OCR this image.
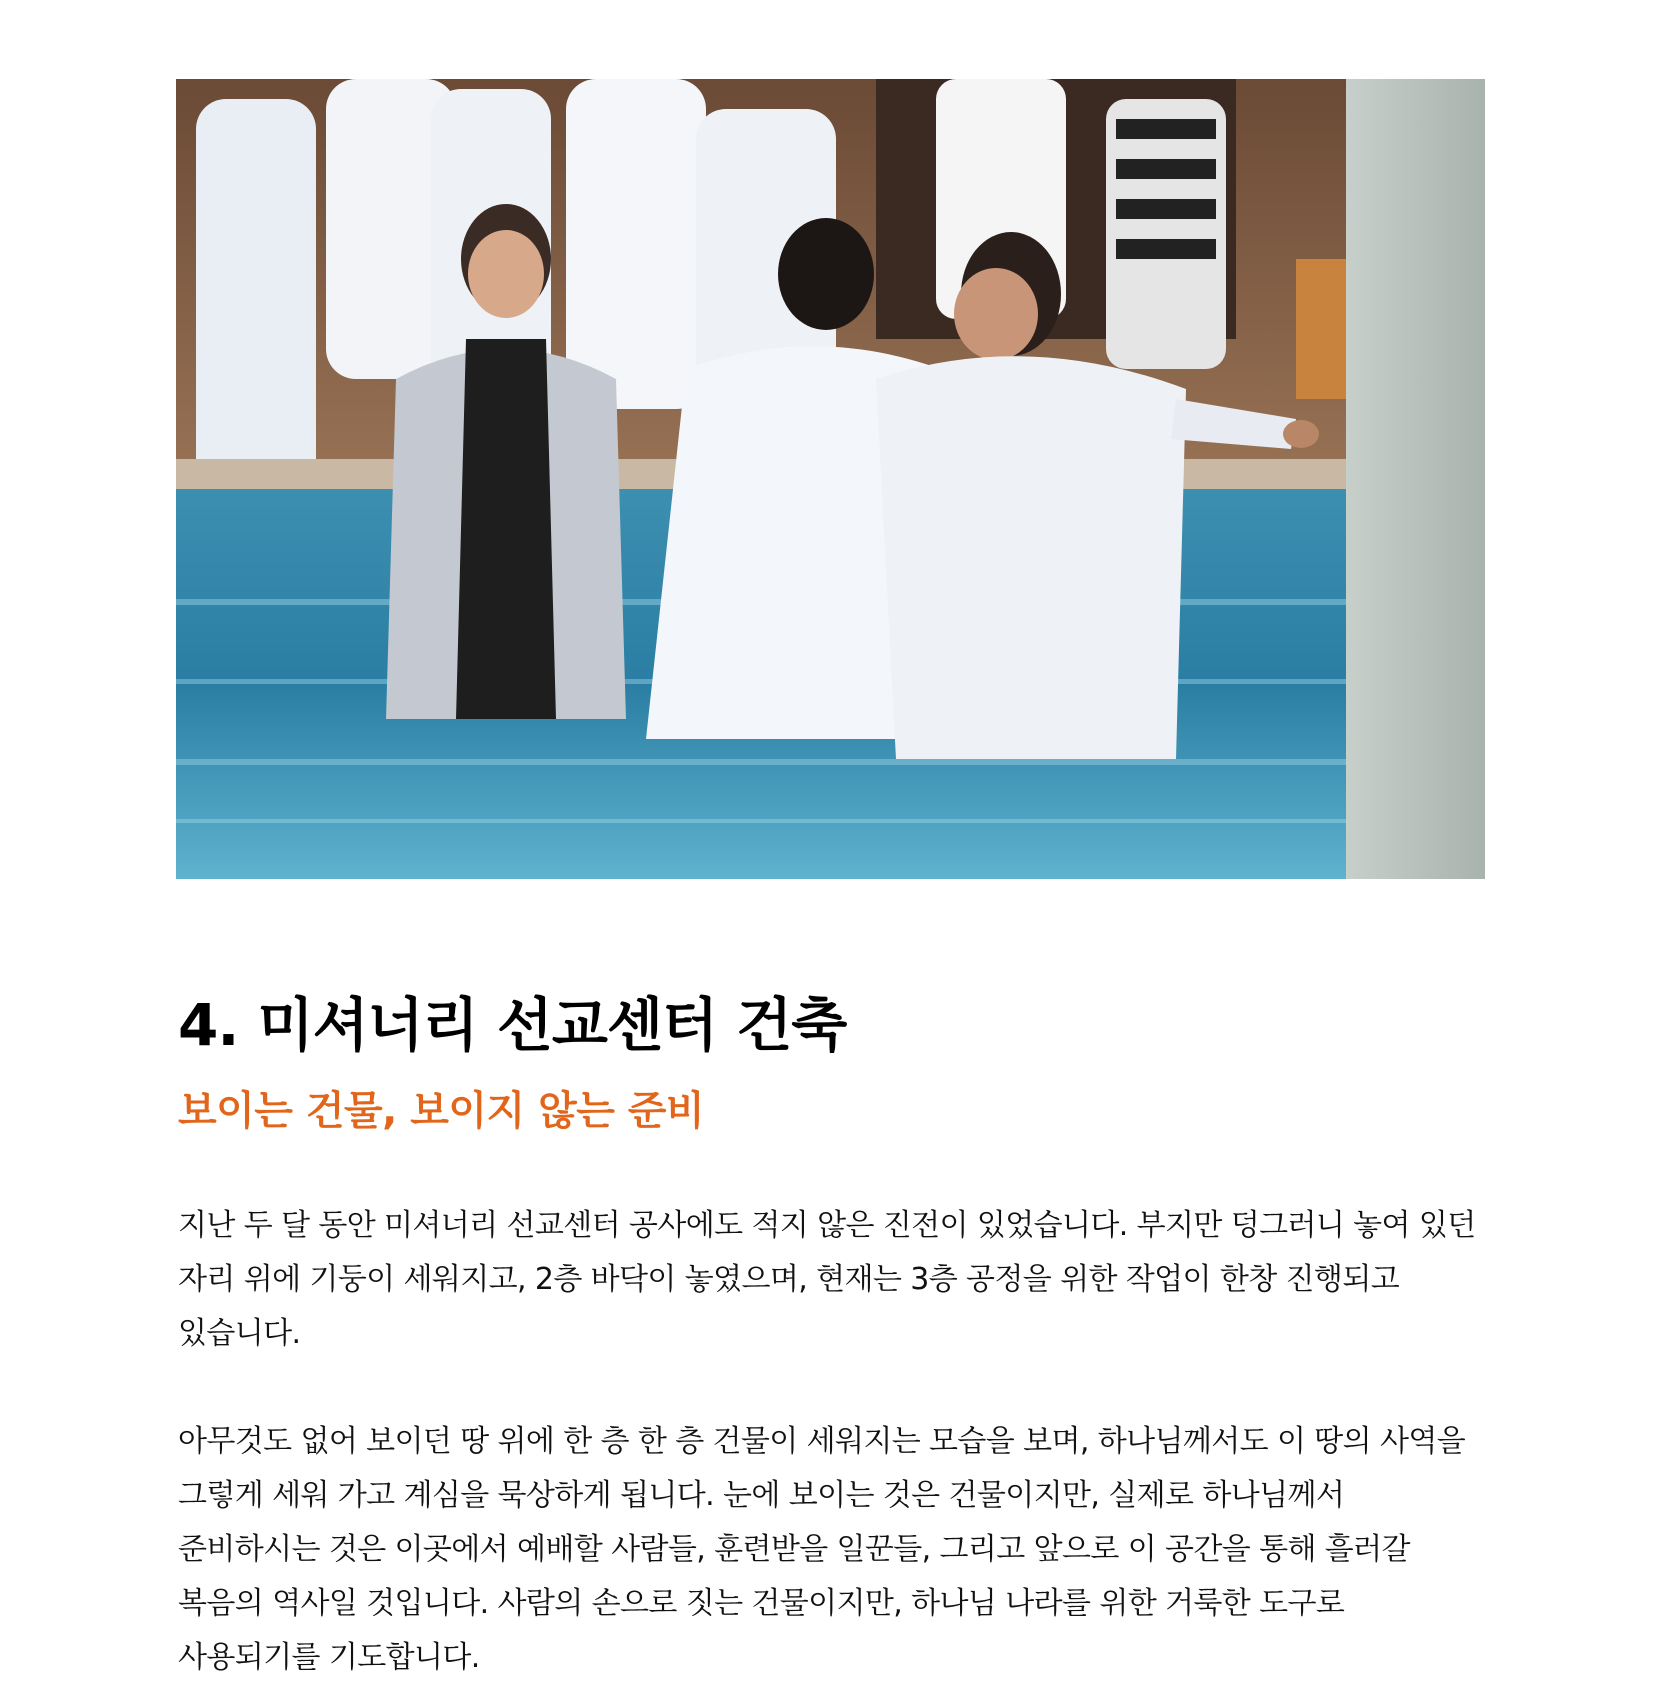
4. 미셔너리 선교센터 건축
보이는 건물, 보이지 않는 준비

지난 두 달 동안 미셔너리 선교센터 공사에도 적지 않은 진전이 있었습니다. 부지만 덩그러니 놓여 있던 자리 위에 기둥이 세워지고, 2층 바닥이 놓였으며, 현재는 3층 공정을 위한 작업이 한창 진행되고 있습니다.

아무것도 없어 보이던 땅 위에 한 층 한 층 건물이 세워지는 모습을 보며, 하나님께서도 이 땅의 사역을 그렇게 세워 가고 계심을 묵상하게 됩니다. 눈에 보이는 것은 건물이지만, 실제로 하나님께서 준비하시는 것은 이곳에서 예배할 사람들, 훈련받을 일꾼들, 그리고 앞으로 이 공간을 통해 흘러갈 복음의 역사일 것입니다. 사람의 손으로 짓는 건물이지만, 하나님 나라를 위한 거룩한 도구로 사용되기를 기도합니다.
